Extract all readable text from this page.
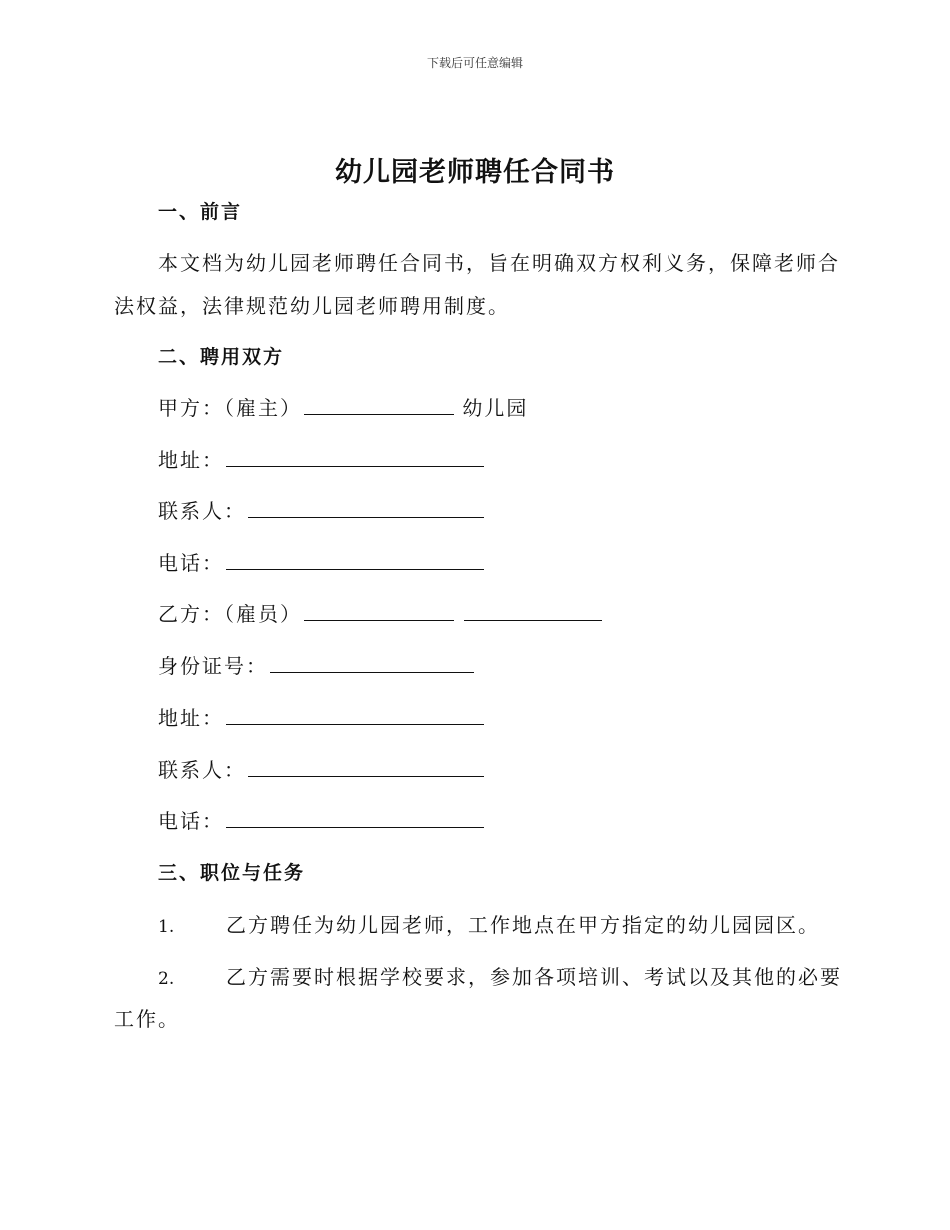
下载后可任意编辑
幼儿园老师聘任合同书
一、前言
本文档为幼儿园老师聘任合同书，旨在明确双方权利义务，保障老师合
法权益，法律规范幼儿园老师聘用制度。
二、聘用双方
甲方：（雇主）	幼儿园
地址：
联系人：
电话：
乙方：（雇员）
身份证号：
地址：
联系人：
电话：
三、职位与任务
1.	乙方聘任为幼儿园老师，工作地点在甲方指定的幼儿园园区。
2.	乙方需要时根据学校要求，参加各项培训、考试以及其他的必要
工作。
